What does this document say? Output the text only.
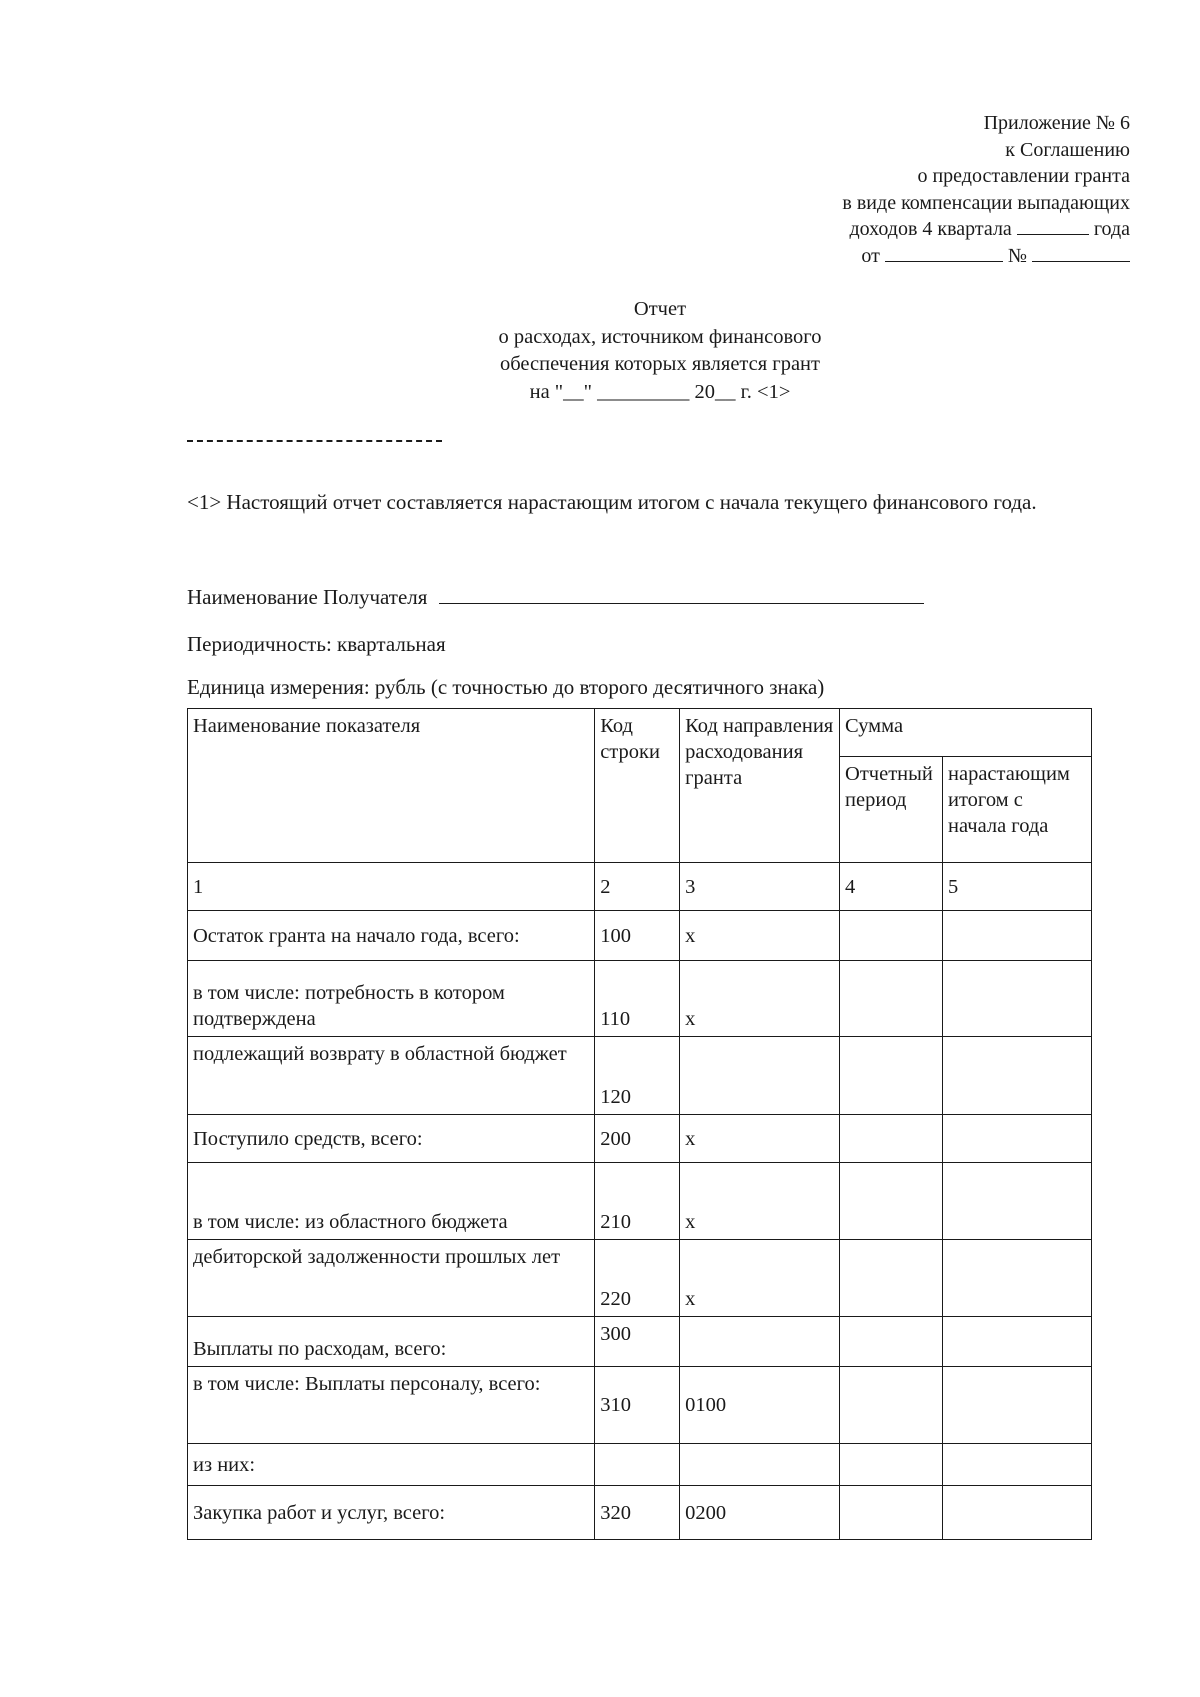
Приложение № 6
к Соглашению
о предоставлении гранта
в виде компенсации выпадающих
доходов 4 квартала	года
от	№
Отчет
о расходах, источником финансового
обеспечения которых является грант
на "__" _________ 20__ г. <1>
<1> Настоящий отчет составляется нарастающим итогом с начала текущего финансового года.
Наименование Получателя
Периодичность: квартальная
Единица измерения: рубль (с точностью до второго десятичного знака)
Наименование показателя	Код строки	Код направления расходования гранта	Сумма	
			Отчетный период	нарастающим итогом с начала года
1	2	3	4	5
Остаток гранта на начало года, всего:	100	x		
в том числе: потребность в котором подтверждена	110	x		
подлежащий возврату в областной бюджет	120			
Поступило средств, всего:	200	x		
в том числе: из областного бюджета	210	x		
дебиторской задолженности прошлых лет	220	x		
Выплаты по расходам, всего:	300			
в том числе: Выплаты персоналу, всего:	310	0100		
из них:				
Закупка работ и услуг, всего:	320	0200		
